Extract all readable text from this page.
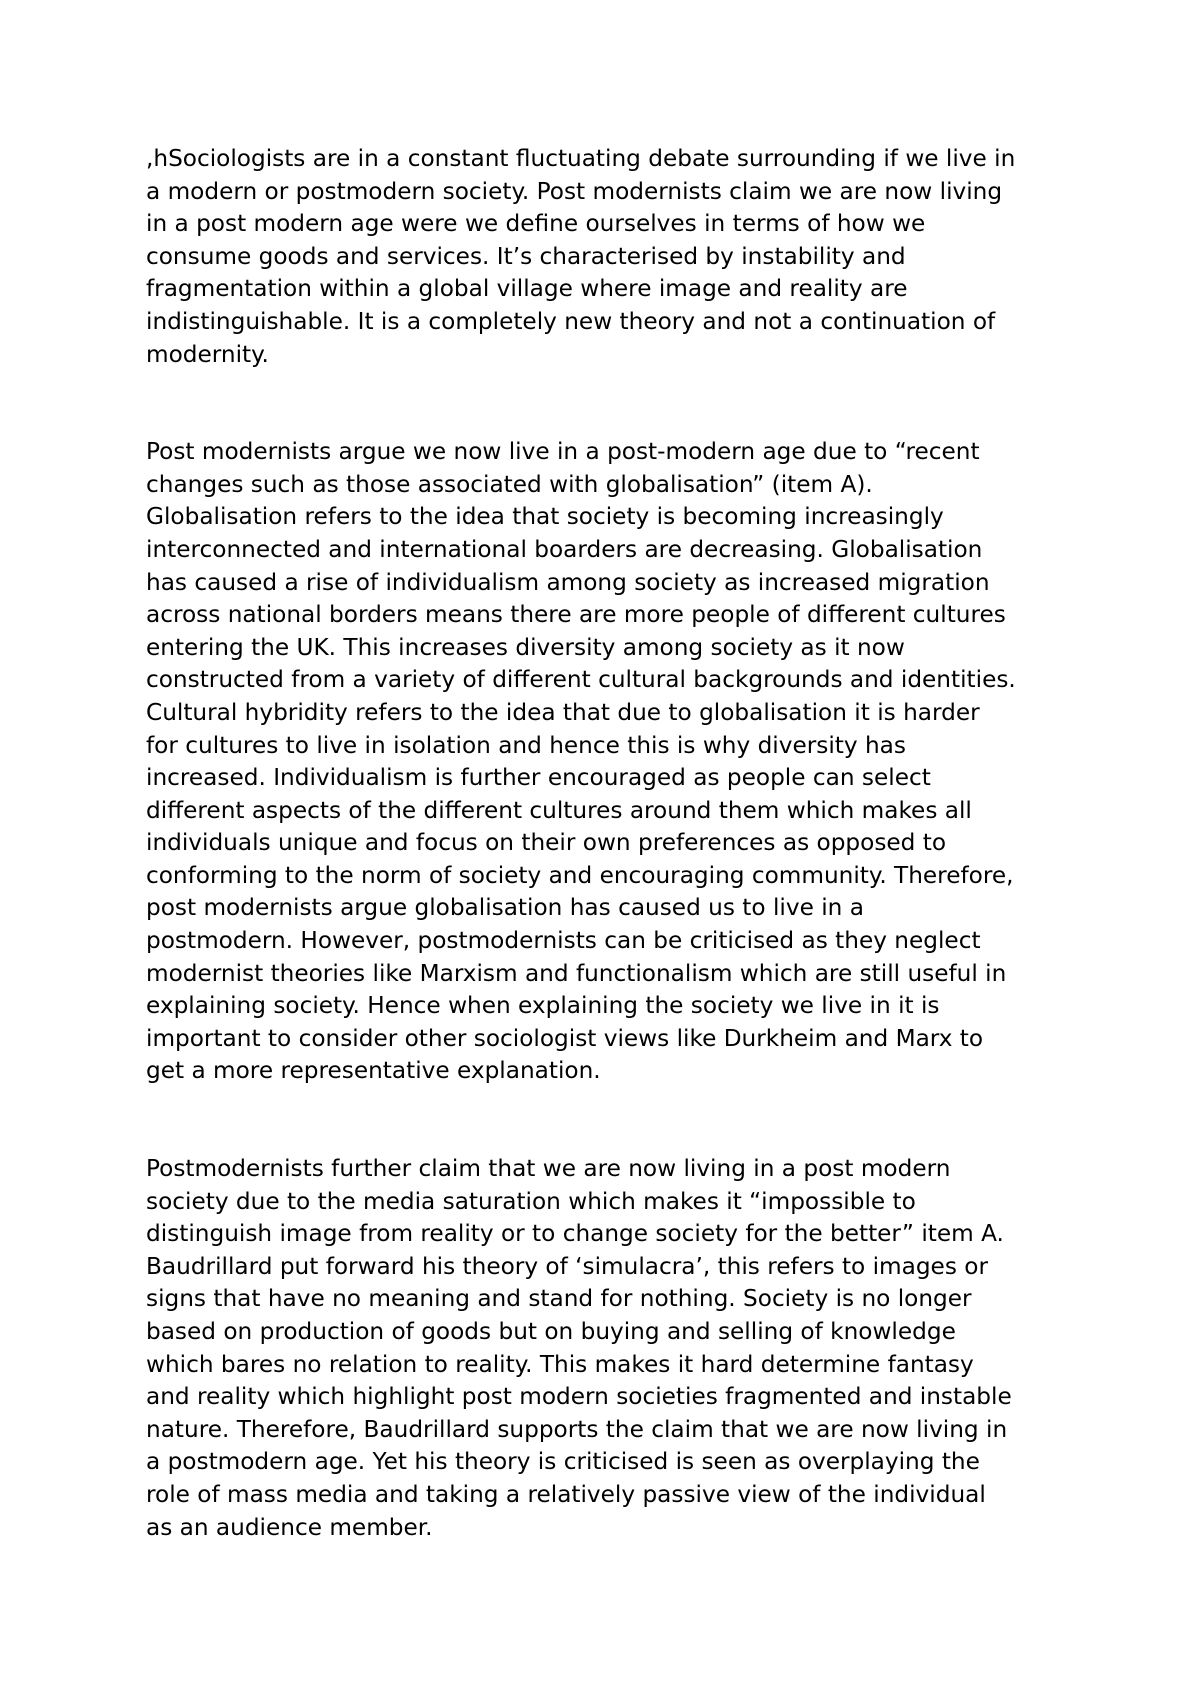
,hSociologists are in a constant fluctuating debate surrounding if we live in
a modern or postmodern society. Post modernists claim we are now living
in a post modern age were we define ourselves in terms of how we
consume goods and services. It’s characterised by instability and
fragmentation within a global village where image and reality are
indistinguishable. It is a completely new theory and not a continuation of
modernity.

Post modernists argue we now live in a post-modern age due to “recent
changes such as those associated with globalisation” (item A).
Globalisation refers to the idea that society is becoming increasingly
interconnected and international boarders are decreasing. Globalisation
has caused a rise of individualism among society as increased migration
across national borders means there are more people of different cultures
entering the UK. This increases diversity among society as it now
constructed from a variety of different cultural backgrounds and identities.
Cultural hybridity refers to the idea that due to globalisation it is harder
for cultures to live in isolation and hence this is why diversity has
increased. Individualism is further encouraged as people can select
different aspects of the different cultures around them which makes all
individuals unique and focus on their own preferences as opposed to
conforming to the norm of society and encouraging community. Therefore,
post modernists argue globalisation has caused us to live in a
postmodern. However, postmodernists can be criticised as they neglect
modernist theories like Marxism and functionalism which are still useful in
explaining society. Hence when explaining the society we live in it is
important to consider other sociologist views like Durkheim and Marx to
get a more representative explanation.

Postmodernists further claim that we are now living in a post modern
society due to the media saturation which makes it “impossible to
distinguish image from reality or to change society for the better” item A.
Baudrillard put forward his theory of ‘simulacra’, this refers to images or
signs that have no meaning and stand for nothing. Society is no longer
based on production of goods but on buying and selling of knowledge
which bares no relation to reality. This makes it hard determine fantasy
and reality which highlight post modern societies fragmented and instable
nature. Therefore, Baudrillard supports the claim that we are now living in
a postmodern age. Yet his theory is criticised is seen as overplaying the
role of mass media and taking a relatively passive view of the individual
as an audience member.
